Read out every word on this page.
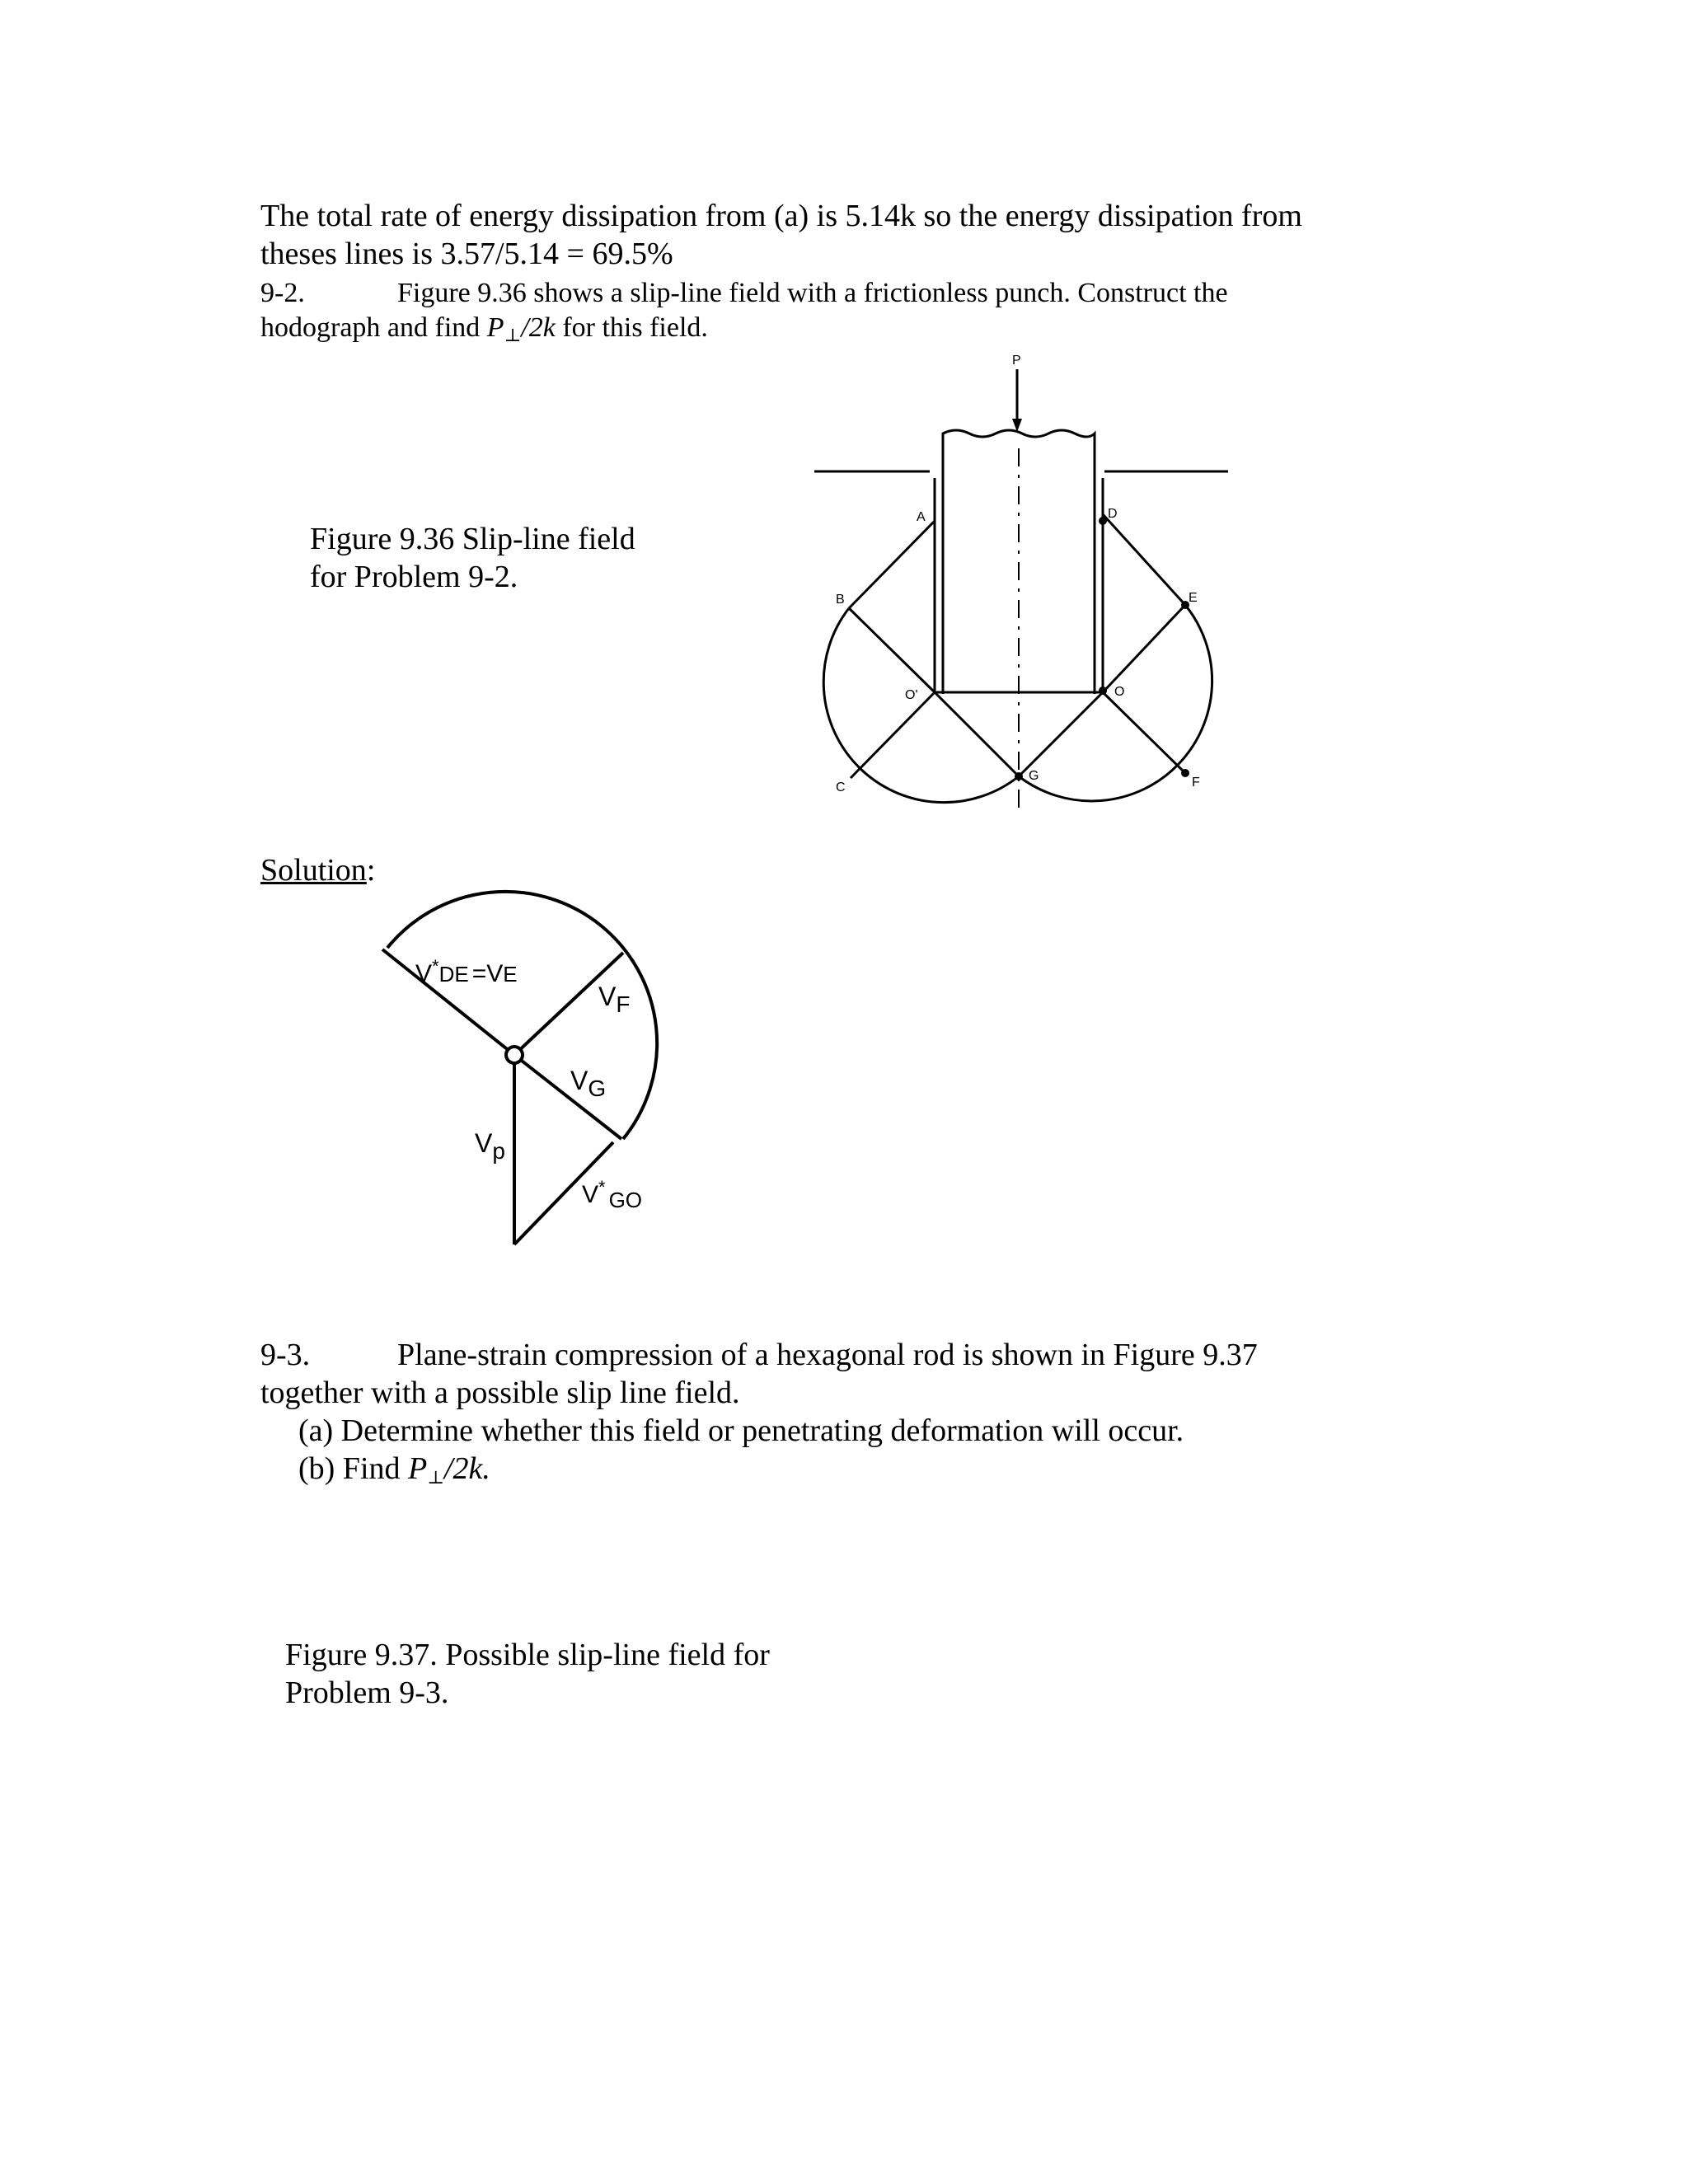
The total rate of energy dissipation from (a) is 5.14k so the energy dissipation from
theses lines is 3.57/5.14 = 69.5%
9-2.	Figure 9.36 shows a slip-line field with a frictionless punch. Construct the
hodograph and find $P_\perp/2k$ for this field.
Figure 9.36 Slip-line field
for Problem 9-2.
P
A
B
C
D
E
F
O
O'
G
Solution:
V*DE =VE
VF
VG
Vp
V*GO
9-3.	Plane-strain compression of a hexagonal rod is shown in Figure 9.37
together with a possible slip line field.
(a) Determine whether this field or penetrating deformation will occur.
(b) Find $P_\perp/2k$.
Figure 9.37. Possible slip-line field for
Problem 9-3.
